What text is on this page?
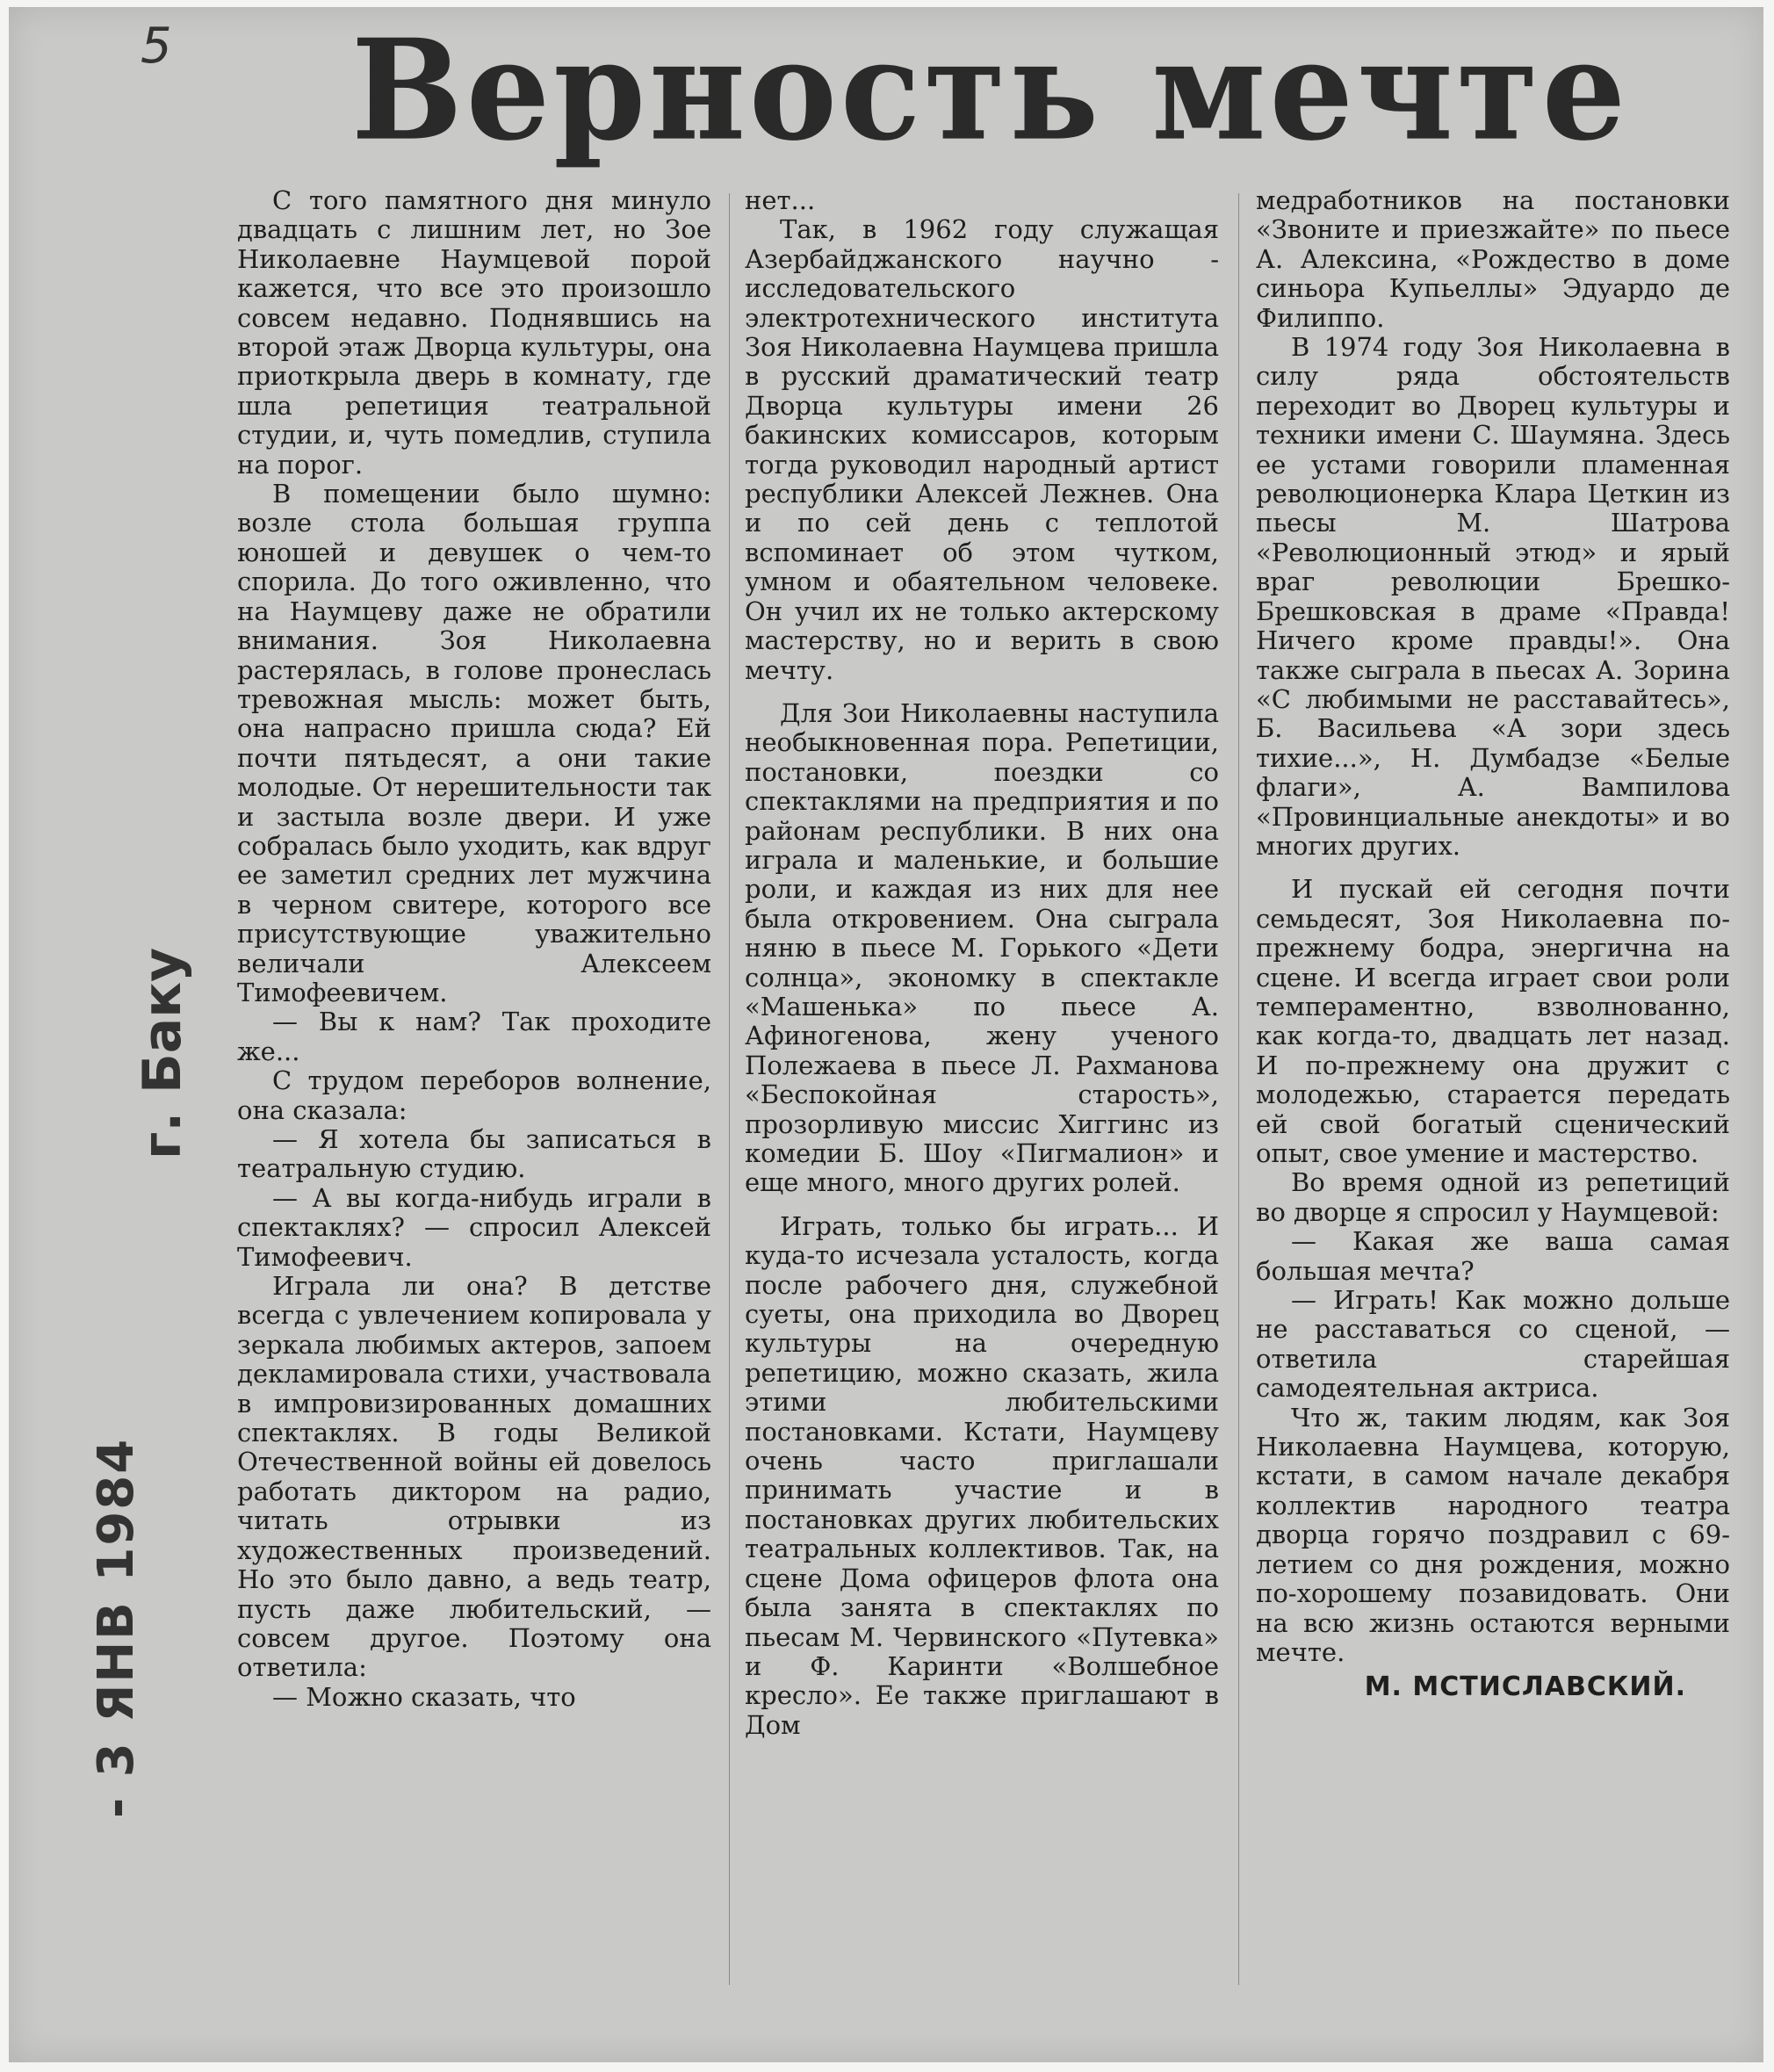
5 Верность мечте
- 3 ЯНВ 1984
г. Баку

С того памятного дня минуло двадцать с лишним лет, но Зое Николаевне Наумцевой порой кажется, что все это произошло совсем недавно. Поднявшись на второй этаж Дворца культуры, она приоткрыла дверь в комнату, где шла репетиция театральной студии, и, чуть помедлив, ступила на порог.

В помещении было шумно: возле стола большая группа юношей и девушек о чем-то спорила. До того оживленно, что на Наумцеву даже не обратили внимания. Зоя Николаевна растерялась, в голове пронеслась тревожная мысль: может быть, она напрасно пришла сюда? Ей почти пятьдесят, а они такие молодые. От нерешительности так и застыла возле двери. И уже собралась было уходить, как вдруг ее заметил средних лет мужчина в черном свитере, которого все присутствующие уважительно величали Алексеем Тимофеевичем.

— Вы к нам? Так проходите же...

С трудом переборов волнение, она сказала:

— Я хотела бы записаться в театральную студию.

— А вы когда-нибудь играли в спектаклях? — спросил Алексей Тимофеевич.

Играла ли она? В детстве всегда с увлечением копировала у зеркала любимых актеров, запоем декламировала стихи, участвовала в импровизированных домашних спектаклях. В годы Великой Отечественной войны ей довелось работать диктором на радио, читать отрывки из художественных произведений. Но это было давно, а ведь театр, пусть даже любительский, — совсем другое. Поэтому она ответила:

— Можно сказать, что

нет...

Так, в 1962 году служащая Азербайджанского научно - исследовательского электротехнического института Зоя Николаевна Наумцева пришла в русский драматический театр Дворца культуры имени 26 бакинских комиссаров, которым тогда руководил народный артист республики Алексей Лежнев. Она и по сей день с теплотой вспоминает об этом чутком, умном и обаятельном человеке. Он учил их не только актерскому мастерству, но и верить в свою мечту.

Для Зои Николаевны наступила необыкновенная пора. Репетиции, постановки, поездки со спектаклями на предприятия и по районам республики. В них она играла и маленькие, и большие роли, и каждая из них для нее была откровением. Она сыграла няню в пьесе М. Горького «Дети солнца», экономку в спектакле «Машенька» по пьесе А. Афиногенова, жену ученого Полежаева в пьесе Л. Рахманова «Беспокойная старость», прозорливую миссис Хиггинс из комедии Б. Шоу «Пигмалион» и еще много, много других ролей.

Играть, только бы играть... И куда-то исчезала усталость, когда после рабочего дня, служебной суеты, она приходила во Дворец культуры на очередную репетицию, можно сказать, жила этими любительскими постановками. Кстати, Наумцеву очень часто приглашали принимать участие и в постановках других любительских театральных коллективов. Так, на сцене Дома офицеров флота она была занята в спектаклях по пьесам М. Червинского «Путевка» и Ф. Каринти «Волшебное кресло». Ее также приглашают в Дом

медработников на постановки «Звоните и приезжайте» по пьесе А. Алексина, «Рождество в доме синьора Купьеллы» Эдуардо де Филиппо.

В 1974 году Зоя Николаевна в силу ряда обстоятельств переходит во Дворец культуры и техники имени С. Шаумяна. Здесь ее устами говорили пламенная революционерка Клара Цеткин из пьесы М. Шатрова «Революционный этюд» и ярый враг революции Брешко-Брешковская в драме «Правда! Ничего кроме правды!». Она также сыграла в пьесах А. Зорина «С любимыми не расставайтесь», Б. Васильева «А зори здесь тихие...», Н. Думбадзе «Белые флаги», А. Вампилова «Провинциальные анекдоты» и во многих других.

И пускай ей сегодня почти семьдесят, Зоя Николаевна по-прежнему бодра, энергична на сцене. И всегда играет свои роли темпераментно, взволнованно, как когда-то, двадцать лет назад. И по-прежнему она дружит с молодежью, старается передать ей свой богатый сценический опыт, свое умение и мастерство.

Во время одной из репетиций во дворце я спросил у Наумцевой:

— Какая же ваша самая большая мечта?

— Играть! Как можно дольше не расставаться со сценой, — ответила старейшая самодеятельная актриса.

Что ж, таким людям, как Зоя Николаевна Наумцева, которую, кстати, в самом начале декабря коллектив народного театра дворца горячо поздравил с 69-летием со дня рождения, можно по-хорошему позавидовать. Они на всю жизнь остаются верными мечте.

М. МСТИСЛАВСКИЙ.
